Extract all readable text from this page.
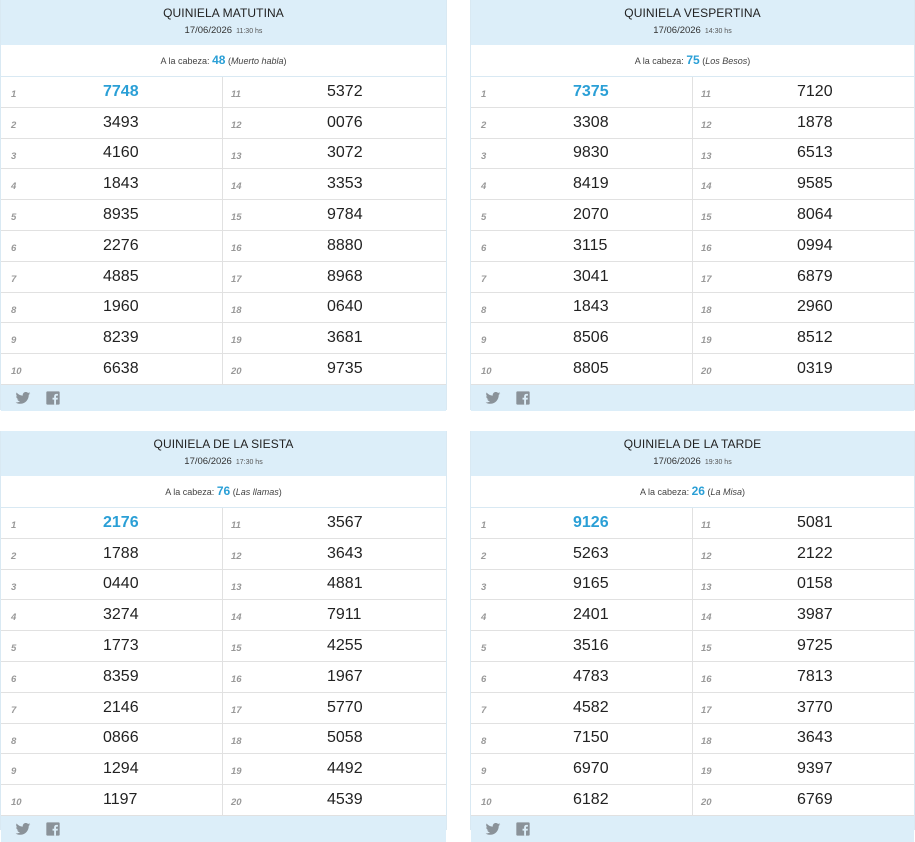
QUINIELA MATUTINA
17/06/2026 11:30 hs
A la cabeza: 48 (Muerto habla)
1	7748	11	5372
2	3493	12	0076
3	4160	13	3072
4	1843	14	3353
5	8935	15	9784
6	2276	16	8880
7	4885	17	8968
8	1960	18	0640
9	8239	19	3681
10	6638	20	9735
QUINIELA VESPERTINA
17/06/2026 14:30 hs
A la cabeza: 75 (Los Besos)
1	7375	11	7120
2	3308	12	1878
3	9830	13	6513
4	8419	14	9585
5	2070	15	8064
6	3115	16	0994
7	3041	17	6879
8	1843	18	2960
9	8506	19	8512
10	8805	20	0319
QUINIELA DE LA SIESTA
17/06/2026 17:30 hs
A la cabeza: 76 (Las llamas)
1	2176	11	3567
2	1788	12	3643
3	0440	13	4881
4	3274	14	7911
5	1773	15	4255
6	8359	16	1967
7	2146	17	5770
8	0866	18	5058
9	1294	19	4492
10	1197	20	4539
QUINIELA DE LA TARDE
17/06/2026 19:30 hs
A la cabeza: 26 (La Misa)
1	9126	11	5081
2	5263	12	2122
3	9165	13	0158
4	2401	14	3987
5	3516	15	9725
6	4783	16	7813
7	4582	17	3770
8	7150	18	3643
9	6970	19	9397
10	6182	20	6769
